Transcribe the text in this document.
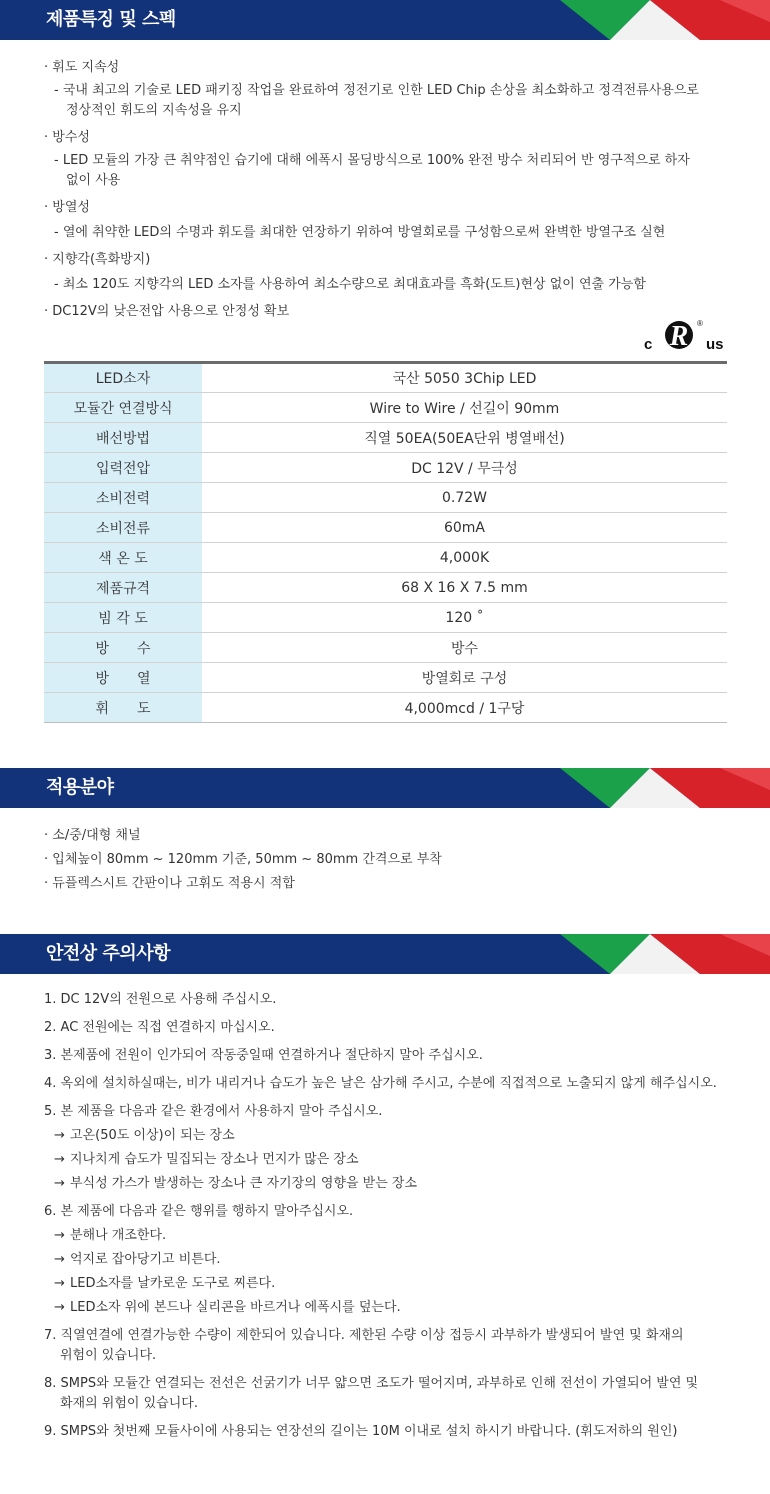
제품특징 및 스펙
· 휘도 지속성
- 국내 최고의 기술로 LED 패키징 작업을 완료하여 정전기로 인한 LED Chip 손상을 최소화하고 정격전류사용으로
정상적인 휘도의 지속성을 유지
· 방수성
- LED 모듈의 가장 큰 취약점인 습기에 대해 에폭시 몰딩방식으로 100% 완전 방수 처리되어 반 영구적으로 하자
없이 사용
· 방열성
- 열에 취약한 LED의 수명과 휘도를 최대한 연장하기 위하여 방열회로를 구성함으로써 완벽한 방열구조 실현
· 지향각(흑화방지)
- 최소 120도 지향각의 LED 소자를 사용하여 최소수량으로 최대효과를 흑화(도트)현상 없이 연출 가능함
· DC12V의 낮은전압 사용으로 안정성 확보
c R ®
us
LED소자	국산 5050 3Chip LED
모듈간 연결방식	Wire to Wire / 선길이 90mm
배선방법	직열 50EA(50EA단위 병열배선)
입력전압	DC 12V / 무극성
소비전력	0.72W
소비전류	60mA
색 온 도	4,000K
제품규격	68 X 16 X 7.5 mm
빔 각 도	120 ˚
방　　수	방수
방　　열	방열회로 구성
휘　　도	4,000mcd / 1구당
적용분야
· 소/중/대형 채널
· 입체높이 80mm ~ 120mm 기준, 50mm ~ 80mm 간격으로 부착
· 듀플렉스시트 간판이나 고휘도 적용시 적합
안전상 주의사항
1. DC 12V의 전원으로 사용해 주십시오.
2. AC 전원에는 직접 연결하지 마십시오.
3. 본제품에 전원이 인가되어 작동중일때 연결하거나 절단하지 말아 주십시오.
4. 옥외에 설치하실때는, 비가 내리거나 습도가 높은 날은 삼가해 주시고, 수분에 직접적으로 노출되지 않게 해주십시오.
5. 본 제품을 다음과 같은 환경에서 사용하지 말아 주십시오.
→ 고온(50도 이상)이 되는 장소
→ 지나치게 습도가 밀집되는 장소나 먼지가 많은 장소
→ 부식성 가스가 발생하는 장소나 큰 자기장의 영향을 받는 장소
6. 본 제품에 다음과 같은 행위를 행하지 말아주십시오.
→ 분해나 개조한다.
→ 억지로 잡아당기고 비튼다.
→ LED소자를 날카로운 도구로 찌른다.
→ LED소자 위에 본드나 실리콘을 바르거나 에폭시를 덮는다.
7. 직열연결에 연결가능한 수량이 제한되어 있습니다. 제한된 수량 이상 접등시 과부하가 발생되어 발연 및 화재의
위험이 있습니다.
8. SMPS와 모듈간 연결되는 전선은 선굵기가 너무 얇으면 조도가 떨어지며, 과부하로 인해 전선이 가열되어 발연 및
화재의 위험이 있습니다.
9. SMPS와 첫번째 모듈사이에 사용되는 연장선의 길이는 10M 이내로 설치 하시기 바랍니다. (휘도저하의 원인)
